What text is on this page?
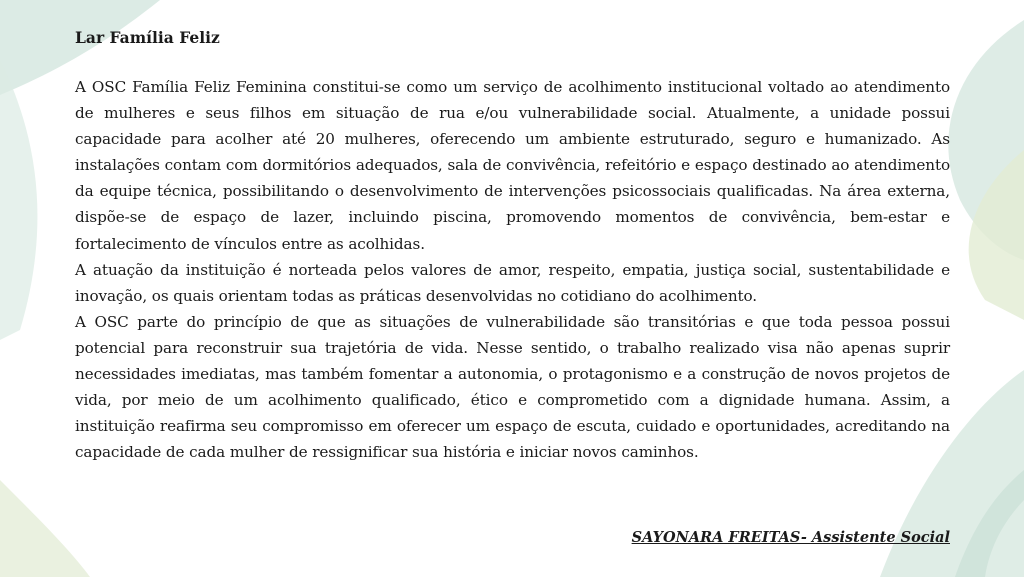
Lar Família Feliz

A OSC Família Feliz Feminina constitui-se como um serviço de acolhimento institucional voltado ao atendimento de mulheres e seus filhos em situação de rua e/ou vulnerabilidade social. Atualmente, a unidade possui capacidade para acolher até 20 mulheres, oferecendo um ambiente estruturado, seguro e humanizado. As instalações contam com dormitórios adequados, sala de convivência, refeitório e espaço destinado ao atendimento da equipe técnica, possibilitando o desenvolvimento de intervenções psicossociais qualificadas. Na área externa, dispõe-se de espaço de lazer, incluindo piscina, promovendo momentos de convivência, bem-estar e fortalecimento de vínculos entre as acolhidas.

A atuação da instituição é norteada pelos valores de amor, respeito, empatia, justiça social, sustentabilidade e inovação, os quais orientam todas as práticas desenvolvidas no cotidiano do acolhimento.

A OSC parte do princípio de que as situações de vulnerabilidade são transitórias e que toda pessoa possui potencial para reconstruir sua trajetória de vida. Nesse sentido, o trabalho realizado visa não apenas suprir necessidades imediatas, mas também fomentar a autonomia, o protagonismo e a construção de novos projetos de vida, por meio de um acolhimento qualificado, ético e comprometido com a dignidade humana. Assim, a instituição reafirma seu compromisso em oferecer um espaço de escuta, cuidado e oportunidades, acreditando na capacidade de cada mulher de ressignificar sua história e iniciar novos caminhos.

SAYONARA FREITAS- Assistente Social
